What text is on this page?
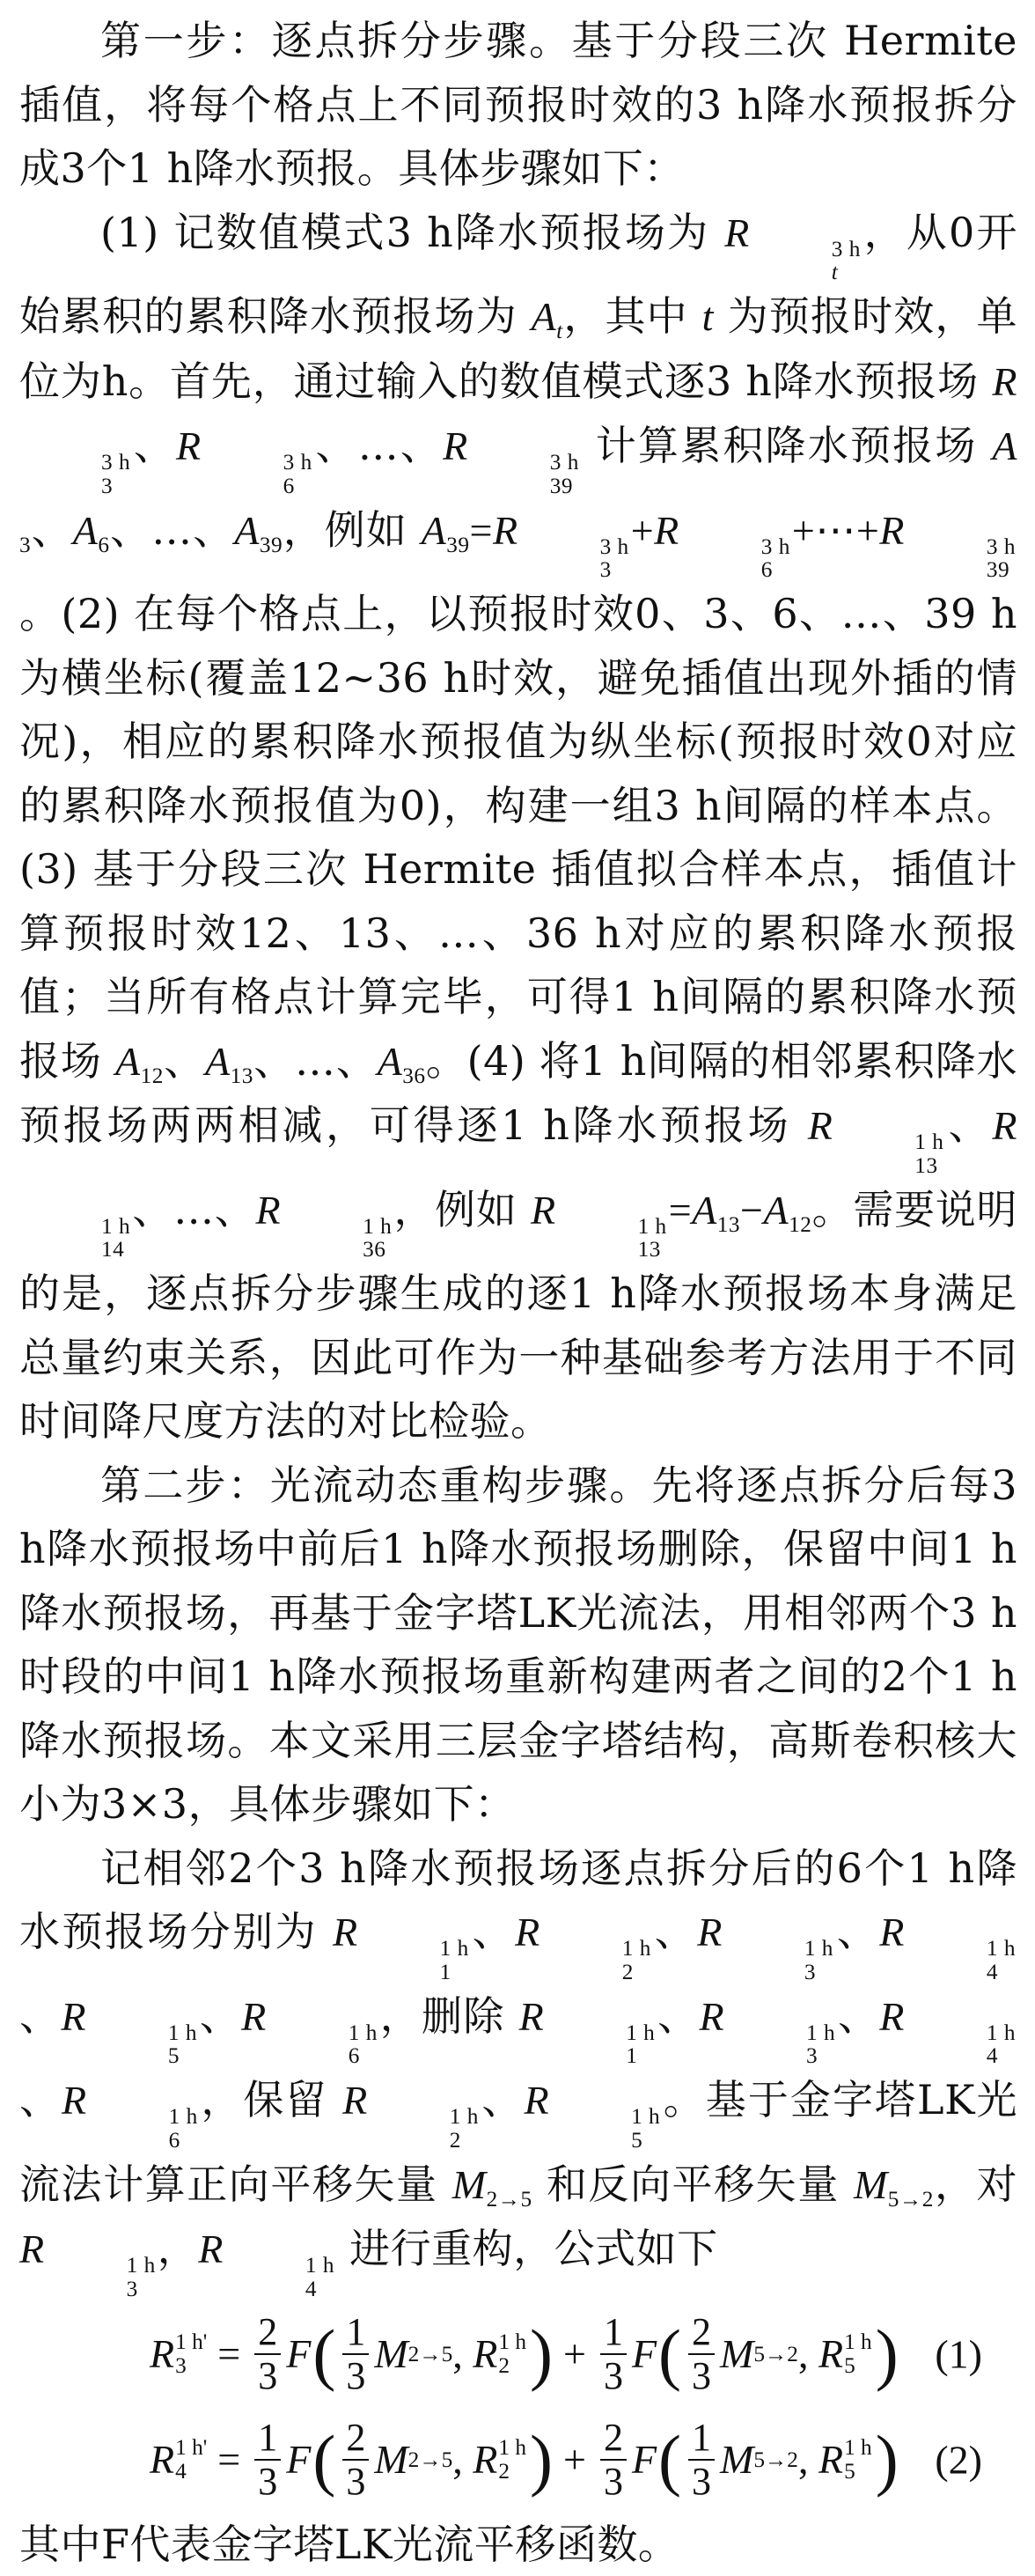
第一步：逐点拆分步骤。基于分段三次 Hermite 插值，将每个格点上不同预报时效的3 h降水预报拆分成3个1 h降水预报。具体步骤如下：

(1) 记数值模式3 h降水预报场为 R	3 h
t
，从0开始累积的累积降水预报场为 $A_t$，其中 t 为预报时效，单位为h。首先，通过输入的数值模式逐3 h降水预报场 R
3 h
3
、R	3 h
6
、…、R	3 h
39
计算累积降水预报场 $A_3$、$A_6$、…、$A_{39}$，例如 $A_{39}=R$	3 h
3
+R	3 h
6
+⋯+R	3 h
39
。(2) 在每个格点上，以预报时效0、3、6、…、39 h为横坐标(覆盖12~36 h时效，避免插值出现外插的情况)，相应的累积降水预报值为纵坐标(预报时效0对应的累积降水预报值为0)，构建一组3 h间隔的样本点。(3) 基于分段三次 Hermite 插值拟合样本点，插值计算预报时效12、13、…、36 h对应的累积降水预报值；当所有格点计算完毕，可得1 h间隔的累积降水预报场 $A_{12}$、$A_{13}$、…、$A_{36}$。(4) 将1 h间隔的相邻累积降水预报场两两相减，可得逐1 h降水预报场 R	1 h
13
、R
1 h
14
、…、R	1 h
36
，例如 R	1 h
13
$=A_{13}-A_{12}$。需要说明的是，逐点拆分步骤生成的逐1 h降水预报场本身满足总量约束关系，因此可作为一种基础参考方法用于不同时间降尺度方法的对比检验。

第二步：光流动态重构步骤。先将逐点拆分后每3 h降水预报场中前后1 h降水预报场删除，保留中间1 h降水预报场，再基于金字塔LK光流法，用相邻两个3 h时段的中间1 h降水预报场重新构建两者之间的2个1 h降水预报场。本文采用三层金字塔结构，高斯卷积核大小为3×3，具体步骤如下：

记相邻2个3 h降水预报场逐点拆分后的6个1 h降水预报场分别为 R	1 h
1
、R	1 h
2
、R	1 h
3
、R	1 h
4
、R	1 h
5
、R	1 h
6
，删除 R	1 h
1
、R	1 h
3
、R	1 h
4
、R	1 h
6
，保留 R	1 h
2
、R	1 h
5
。基于金字塔LK光流法计算正向平移矢量 $M_{2\to 5}$ 和反向平移矢量 $M_{5\to 2}$，对 R	1 h
3
，R	1 h
4
进行重构，公式如下

R 1 h'
$3 = \frac{2}{3}$ F ( $\frac{1}{3}$ M 2→5 , R 1 h
2 ) + $\frac{1}{3}$ F ( $\frac{2}{3}$ M 5→2 , R 1 h
5 ) (1)
R 1 h'
$4 = \frac{1}{3}$ F ( $\frac{2}{3}$ M 2→5 , R 1 h
2 ) + $\frac{2}{3}$ F ( $\frac{1}{3}$ M 5→2 , R 1 h
5 ) (2)

其中F代表金字塔LK光流平移函数。
